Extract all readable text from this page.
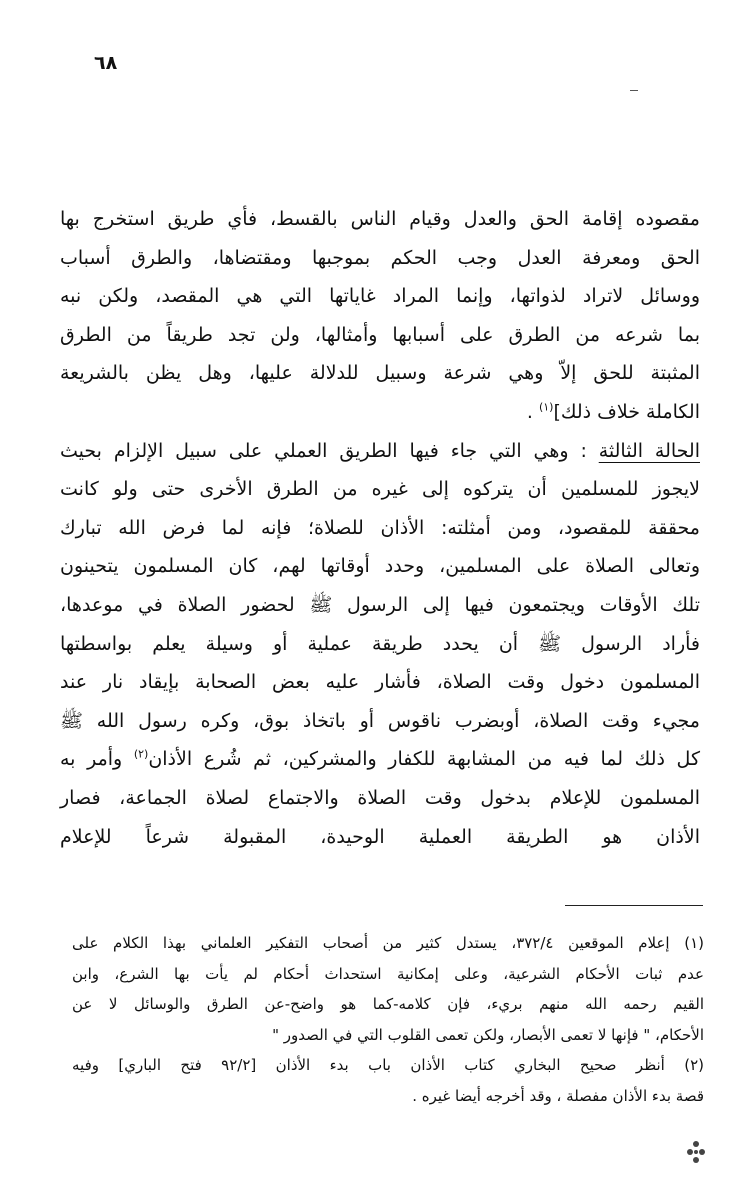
٦٨
مقصوده إقامة الحق والعدل وقيام الناس بالقسط، فأي طريق استخرج بها
الحق ومعرفة العدل وجب الحكم بموجبها ومقتضاها، والطرق أسباب
ووسائل لاتراد لذواتها، وإنما المراد غاياتها التي هي المقصد، ولكن نبه
بما شرعه من الطرق على أسبابها وأمثالها، ولن تجد طريقاً من الطرق
المثبتة للحق إلاّ وهي شرعة وسبيل للدلالة عليها، وهل يظن بالشريعة
الكاملة خلاف ذلك]$^{(١)}$ .
الحالة الثالثة : وهي التي جاء فيها الطريق العملي على سبيل الإلزام بحيث
لايجوز للمسلمين أن يتركوه إلى غيره من الطرق الأخرى حتى ولو كانت
محققة للمقصود، ومن أمثلته: الأذان للصلاة؛ فإنه لما فرض الله تبارك
وتعالى الصلاة على المسلمين، وحدد أوقاتها لهم، كان المسلمون يتحينون
تلك الأوقات ويجتمعون فيها إلى الرسول ﷺ لحضور الصلاة في موعدها،
فأراد الرسول ﷺ أن يحدد طريقة عملية أو وسيلة يعلم بواسطتها
المسلمون دخول وقت الصلاة، فأشار عليه بعض الصحابة بإيقاد نار عند
مجيء وقت الصلاة، أوبضرب ناقوس أو باتخاذ بوق، وكره رسول الله ﷺ
كل ذلك لما فيه من المشابهة للكفار والمشركين، ثم شُرع الأذان$^{(٢)}$ وأمر به
المسلمون للإعلام بدخول وقت الصلاة والاجتماع لصلاة الجماعة، فصار
الأذان هو الطريقة العملية الوحيدة، المقبولة شرعاً للإعلام
(١) إعلام الموقعين ٣٧٢/٤، يستدل كثير من أصحاب التفكير العلماني بهذا الكلام على
عدم ثبات الأحكام الشرعية، وعلى إمكانية استحداث أحكام لم يأت بها الشرع، وابن
القيم رحمه الله منهم بريء، فإن كلامه-كما هو واضح-عن الطرق والوسائل لا عن
الأحكام، " فإنها لا تعمى الأبصار، ولكن تعمى القلوب التي في الصدور "
(٢) أنظر صحيح البخاري كتاب الأذان باب بدء الأذان [٩٢/٢ فتح الباري] وفيه
قصة بدء الأذان مفصلة ، وقد أخرجه أيضا غيره .
